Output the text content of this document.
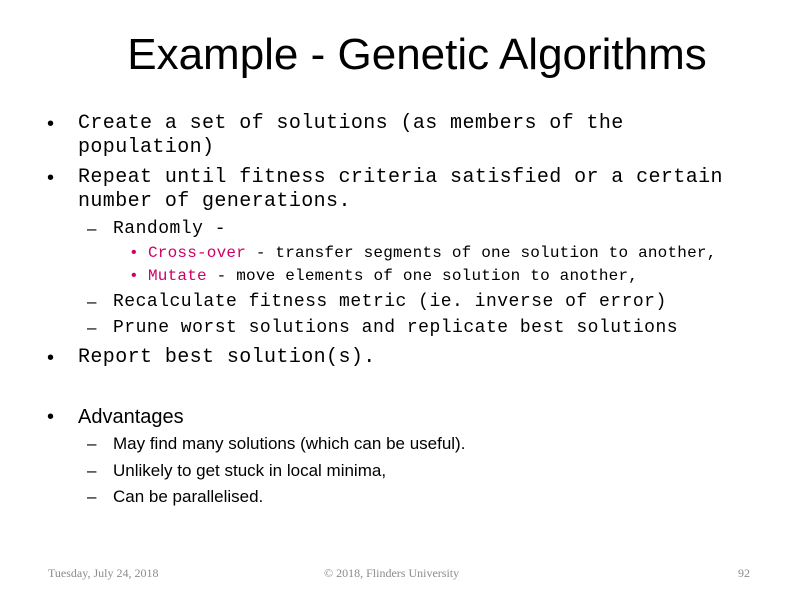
Example - Genetic Algorithms
• Create a set of solutions (as members of the
population)
• Repeat until fitness criteria satisfied or a certain
number of generations.
– Randomly -
• Cross-over - transfer segments of one solution to another,
• Mutate - move elements of one solution to another,
– Recalculate fitness metric (ie. inverse of error)
– Prune worst solutions and replicate best solutions
• Report best solution(s).
• Advantages
– May find many solutions (which can be useful).
– Unlikely to get stuck in local minima,
– Can be parallelised.
Tuesday, July 24, 2018	© 2018, Flinders University	92
